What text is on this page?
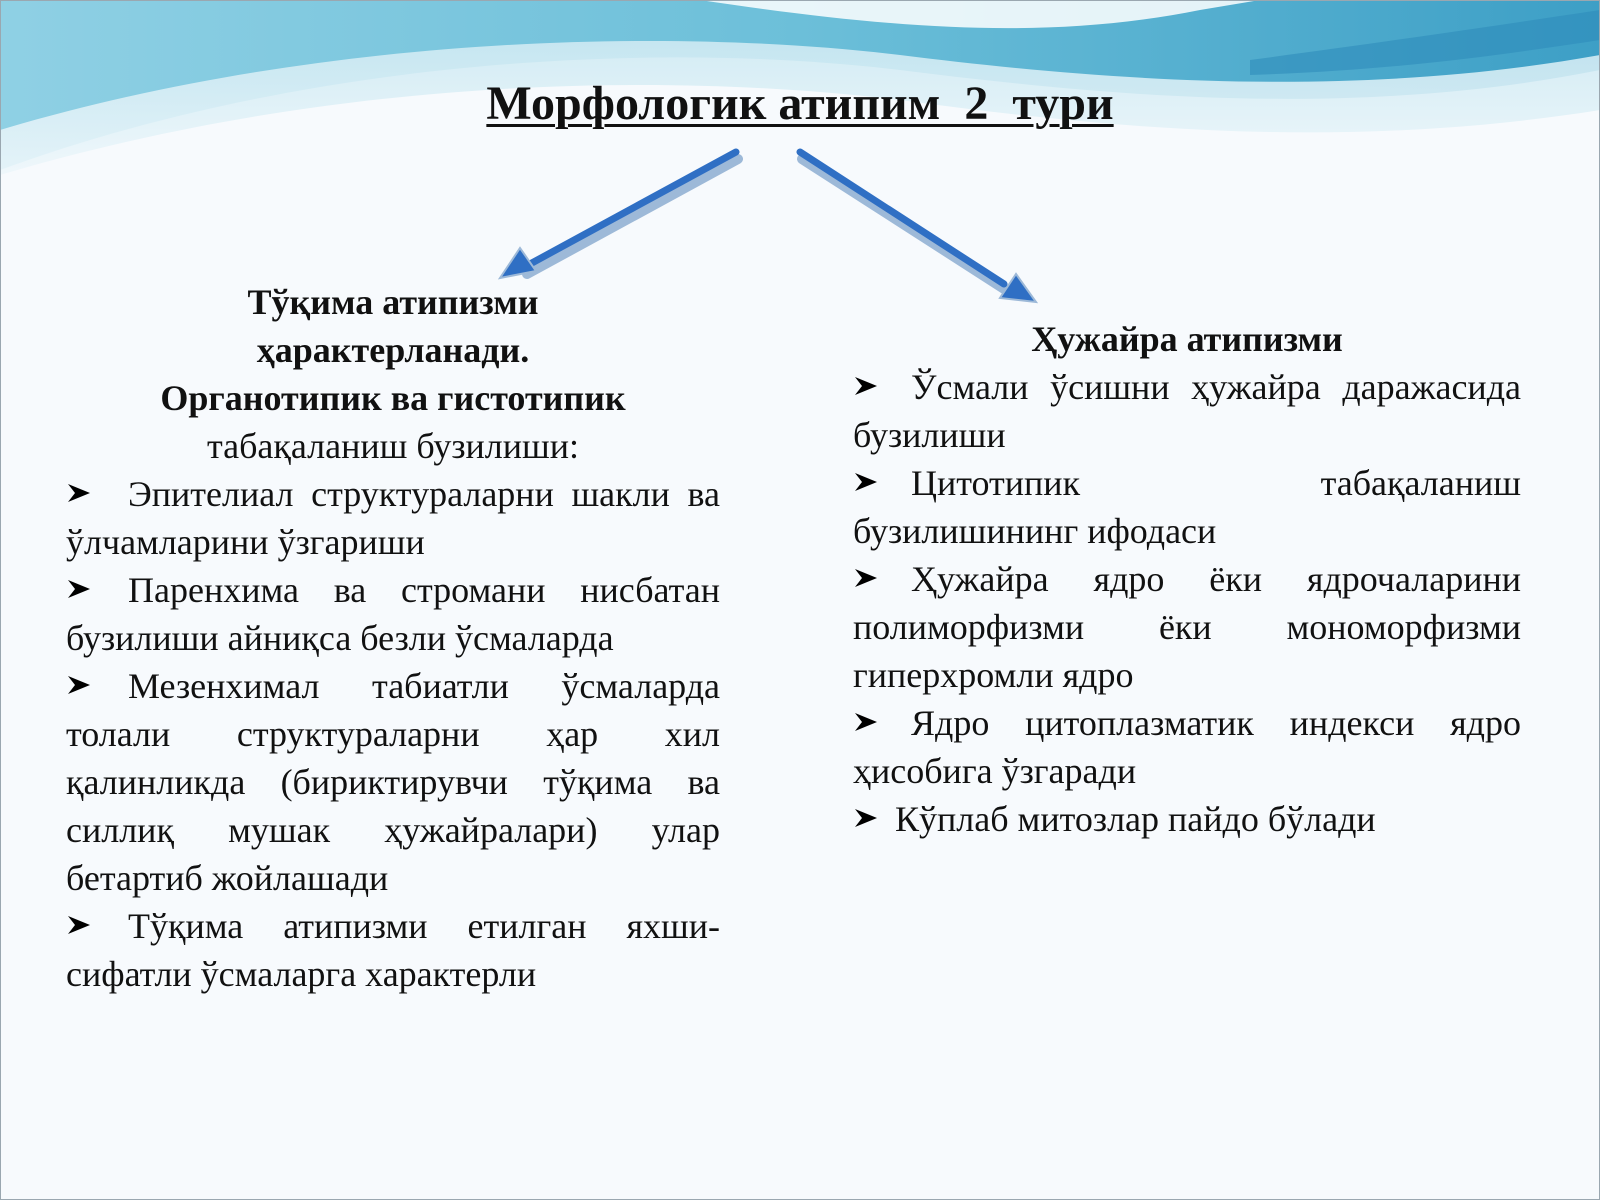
Морфологик атипим  2  тури
Тўқима атипизми
ҳарактерланади.
Органотипик ва гистотипик
табақаланиш бузилиши:
Эпителиал структураларни шакли ва ўлчамларини ўзгариши
Паренхима ва стромани нисбатан бузилиши айниқса безли ўсмаларда
Мезенхимал табиатли ўсмаларда толали структураларни ҳар хил қалинликда (бириктирувчи тўқима ва силлиқ мушак ҳужайралари) улар бетартиб жойлашади
Тўқима атипизми етилган яхши-сифатли ўсмаларга характерли
Ҳужайра атипизми
Ўсмали ўсишни ҳужайра даражасида бузилиши
Цитотипик табақаланиш бузилишининг ифодаси
Ҳужайра ядро ёки ядрочаларини полиморфизми ёки мономорфизми гиперхромли ядро
Ядро цитоплазматик индекси ядро ҳисобига ўзгаради
Кўплаб митозлар пайдо бўлади
